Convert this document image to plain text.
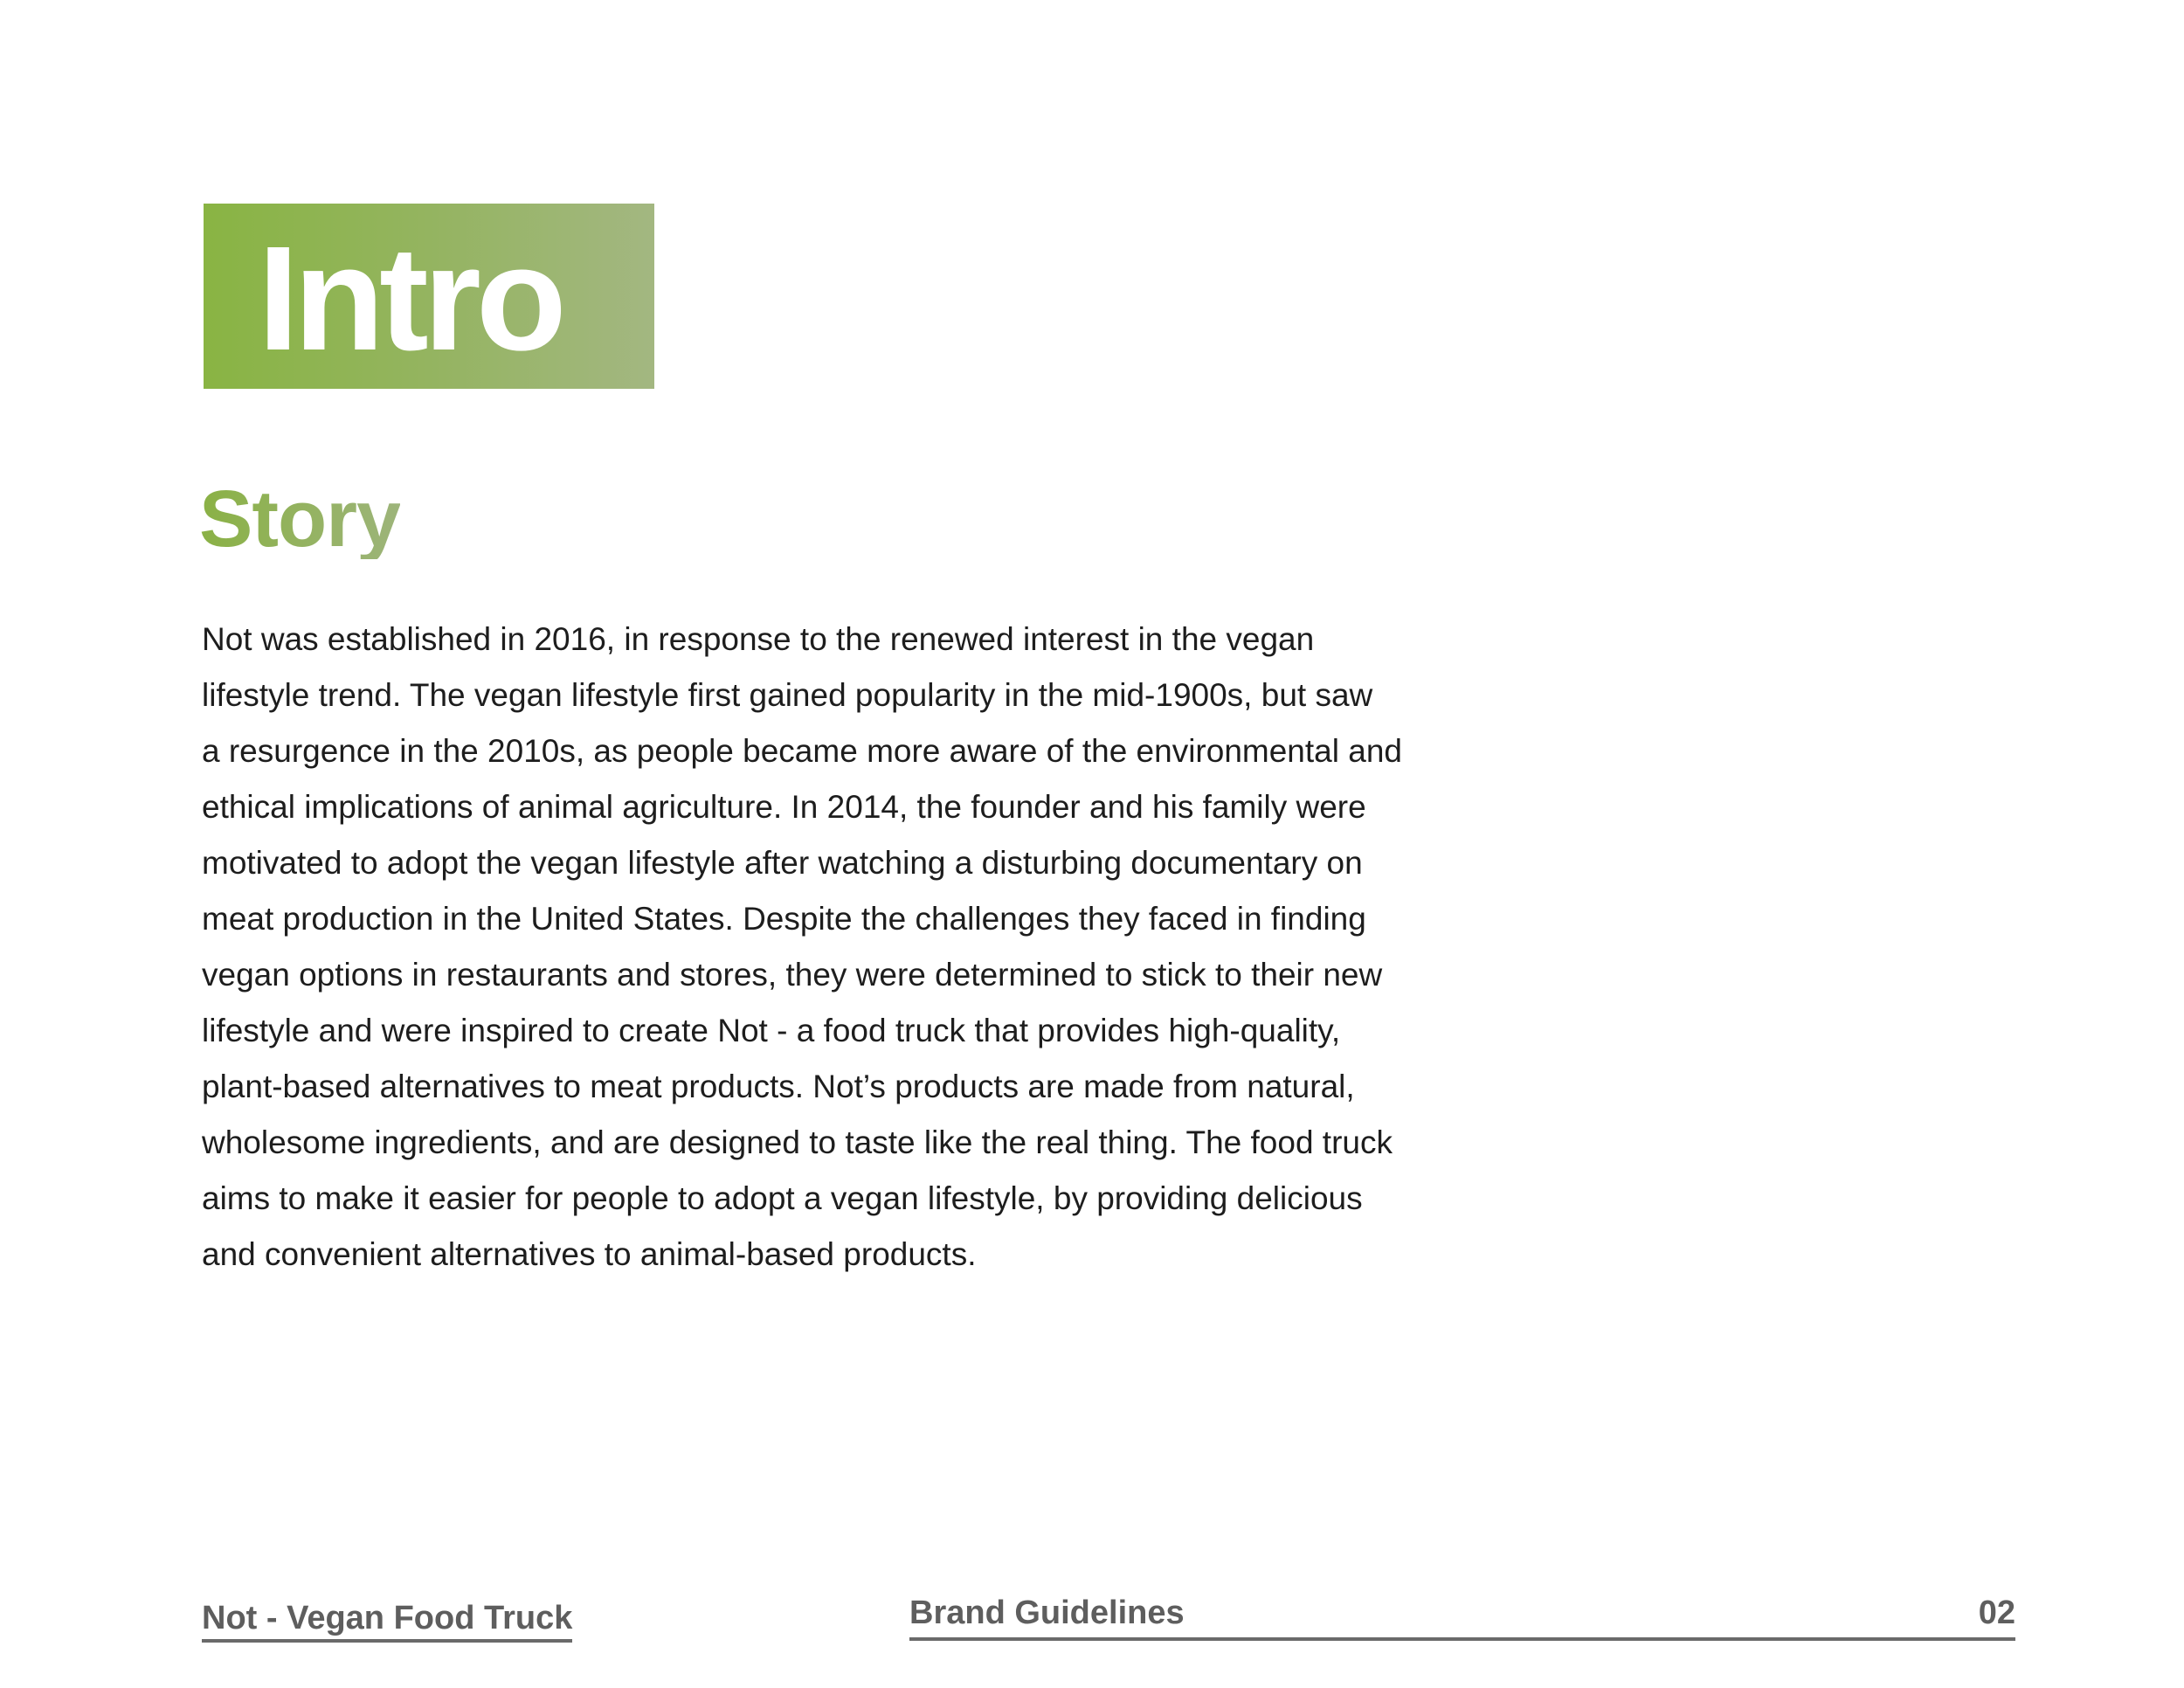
Intro
Story
Not was established in 2016, in response to the renewed interest in the vegan
lifestyle trend. The vegan lifestyle first gained popularity in the mid-1900s, but saw
a resurgence in the 2010s, as people became more aware of the environmental and
ethical implications of animal agriculture. In 2014, the founder and his family were
motivated to adopt the vegan lifestyle after watching a disturbing documentary on
meat production in the United States. Despite the challenges they faced in finding
vegan options in restaurants and stores, they were determined to stick to their new
lifestyle and were inspired to create Not - a food truck that provides high-quality,
plant-based alternatives to meat products. Not’s products are made from natural,
wholesome ingredients, and are designed to taste like the real thing. The food truck
aims to make it easier for people to adopt a vegan lifestyle, by providing delicious
and convenient alternatives to animal-based products.
Not - Vegan Food Truck	Brand Guidelines	02
